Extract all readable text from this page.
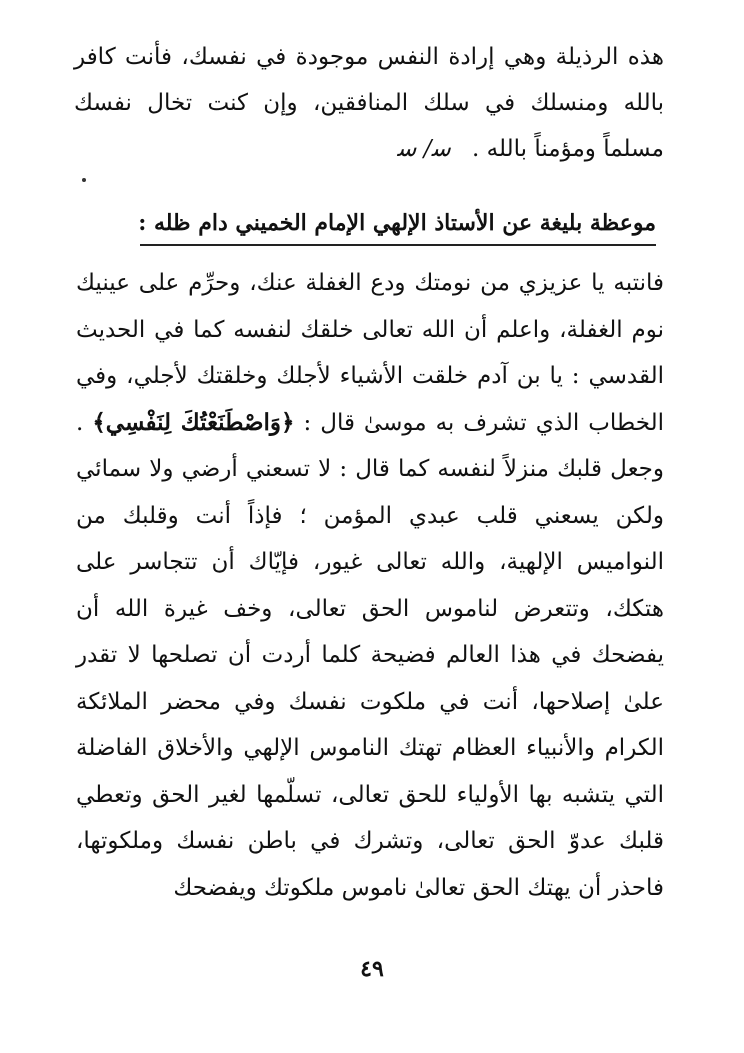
هذه الرذيلة وهي إرادة النفس موجودة في نفسك، فأنت كافر بالله ومنسلك في سلك المنافقين، وإن كنت تخال نفسك مسلماً ومؤمناً بالله . ﺳ/ ﺳ
موعظة بليغة عن الأستاذ الإلهي الإمام الخميني دام ظله :

فانتبه يا عزيزي من نومتك ودع الغفلة عنك، وحرِّم على عينيك نوم الغفلة، واعلم أن الله تعالى خلقك لنفسه كما في الحديث القدسي : يا بن آدم خلقت الأشياء لأجلك وخلقتك لأجلي، وفي الخطاب الذي تشرف به موسىٰ قال : ﴿وَاصْطَنَعْتُكَ لِنَفْسِي﴾ . وجعل قلبك منزلاً لنفسه كما قال : لا تسعني أرضي ولا سمائي ولكن يسعني قلب عبدي المؤمن ؛ فإذاً أنت وقلبك من النواميس الإلهية، والله تعالى غيور، فإيّاك أن تتجاسر على هتكك، وتتعرض لناموس الحق تعالى، وخف غيرة الله أن يفضحك في هذا العالم فضيحة كلما أردت أن تصلحها لا تقدر علىٰ إصلاحها، أنت في ملكوت نفسك وفي محضر الملائكة الكرام والأنبياء العظام تهتك الناموس الإلهي والأخلاق الفاضلة التي يتشبه بها الأولياء للحق تعالى، تسلّمها لغير الحق وتعطي قلبك عدوّ الحق تعالى، وتشرك في باطن نفسك وملكوتها، فاحذر أن يهتك الحق تعالىٰ ناموس ملكوتك ويفضحك

٤٩
